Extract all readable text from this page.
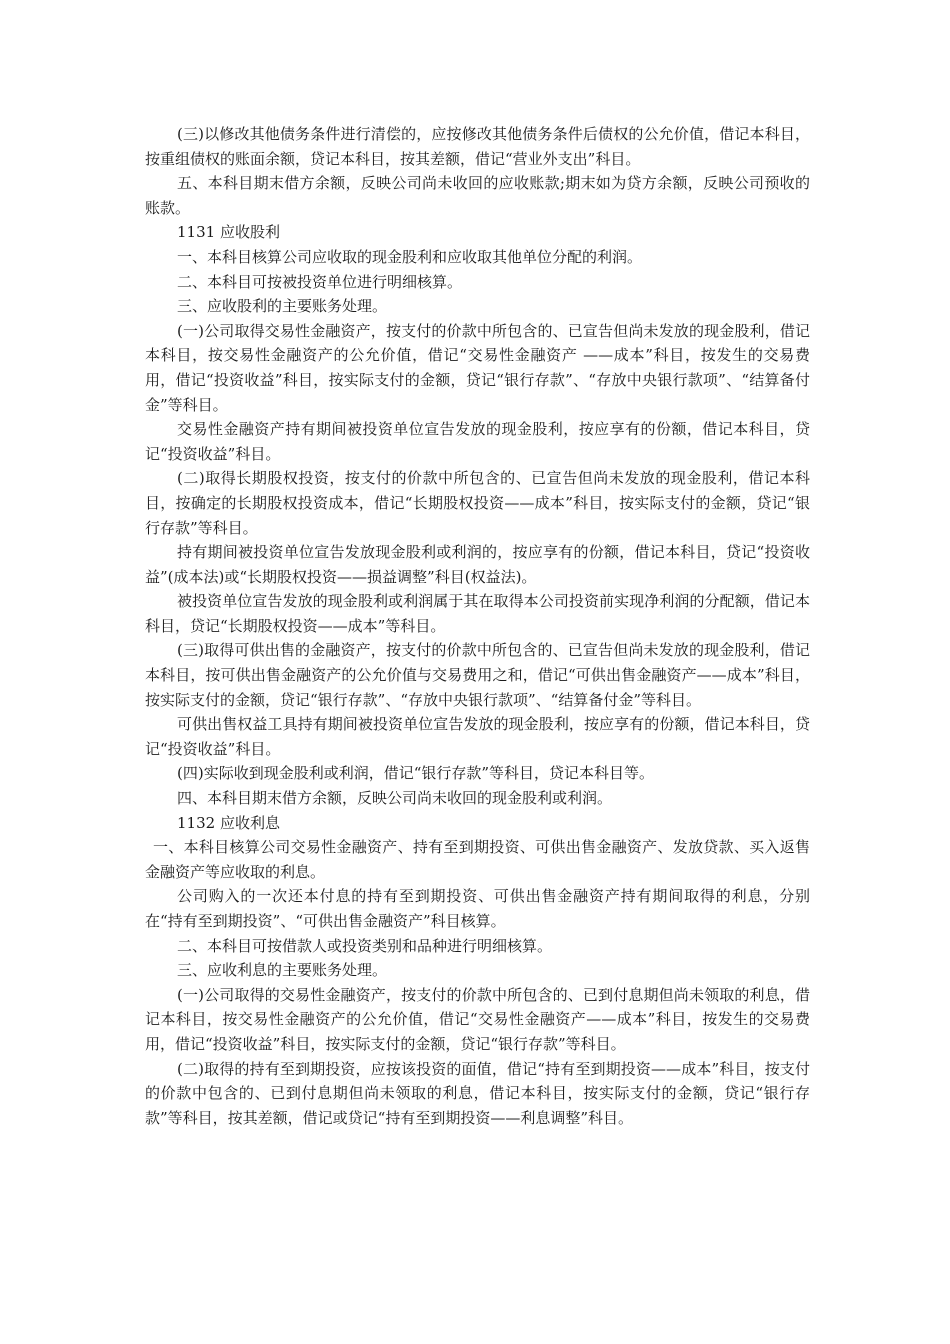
(三)以修改其他债务条件进行清偿的，应按修改其他债务条件后债权的公允价值，借记本科目，按重组债权的账面余额，贷记本科目，按其差额，借记“营业外支出”科目。

五、本科目期末借方余额，反映公司尚未收回的应收账款;期末如为贷方余额，反映公司预收的账款。

1131 应收股利

一、本科目核算公司应收取的现金股利和应收取其他单位分配的利润。

二、本科目可按被投资单位进行明细核算。

三、应收股利的主要账务处理。

(一)公司取得交易性金融资产，按支付的价款中所包含的、已宣告但尚未发放的现金股利，借记本科目，按交易性金融资产的公允价值，借记“交易性金融资产 ——成本”科目，按发生的交易费用，借记“投资收益”科目，按实际支付的金额，贷记“银行存款”、“存放中央银行款项”、“结算备付金”等科目。

交易性金融资产持有期间被投资单位宣告发放的现金股利，按应享有的份额，借记本科目，贷记“投资收益”科目。

(二)取得长期股权投资，按支付的价款中所包含的、已宣告但尚未发放的现金股利，借记本科目，按确定的长期股权投资成本，借记“长期股权投资——成本”科目，按实际支付的金额，贷记“银行存款”等科目。

持有期间被投资单位宣告发放现金股利或利润的，按应享有的份额，借记本科目，贷记“投资收益”(成本法)或“长期股权投资——损益调整”科目(权益法)。

被投资单位宣告发放的现金股利或利润属于其在取得本公司投资前实现净利润的分配额，借记本科目，贷记“长期股权投资——成本”等科目。

(三)取得可供出售的金融资产，按支付的价款中所包含的、已宣告但尚未发放的现金股利，借记本科目，按可供出售金融资产的公允价值与交易费用之和，借记“可供出售金融资产——成本”科目，按实际支付的金额，贷记“银行存款”、“存放中央银行款项”、“结算备付金”等科目。

可供出售权益工具持有期间被投资单位宣告发放的现金股利，按应享有的份额，借记本科目，贷记“投资收益”科目。

(四)实际收到现金股利或利润，借记“银行存款”等科目，贷记本科目等。

四、本科目期末借方余额，反映公司尚未收回的现金股利或利润。

1132 应收利息

一、本科目核算公司交易性金融资产、持有至到期投资、可供出售金融资产、发放贷款、买入返售金融资产等应收取的利息。

公司购入的一次还本付息的持有至到期投资、可供出售金融资产持有期间取得的利息，分别在“持有至到期投资”、“可供出售金融资产”科目核算。

二、本科目可按借款人或投资类别和品种进行明细核算。

三、应收利息的主要账务处理。

(一)公司取得的交易性金融资产，按支付的价款中所包含的、已到付息期但尚未领取的利息，借记本科目，按交易性金融资产的公允价值，借记“交易性金融资产——成本”科目，按发生的交易费用，借记“投资收益”科目，按实际支付的金额，贷记“银行存款”等科目。

(二)取得的持有至到期投资，应按该投资的面值，借记“持有至到期投资——成本”科目，按支付的价款中包含的、已到付息期但尚未领取的利息，借记本科目，按实际支付的金额，贷记“银行存款”等科目，按其差额，借记或贷记“持有至到期投资——利息调整”科目。
